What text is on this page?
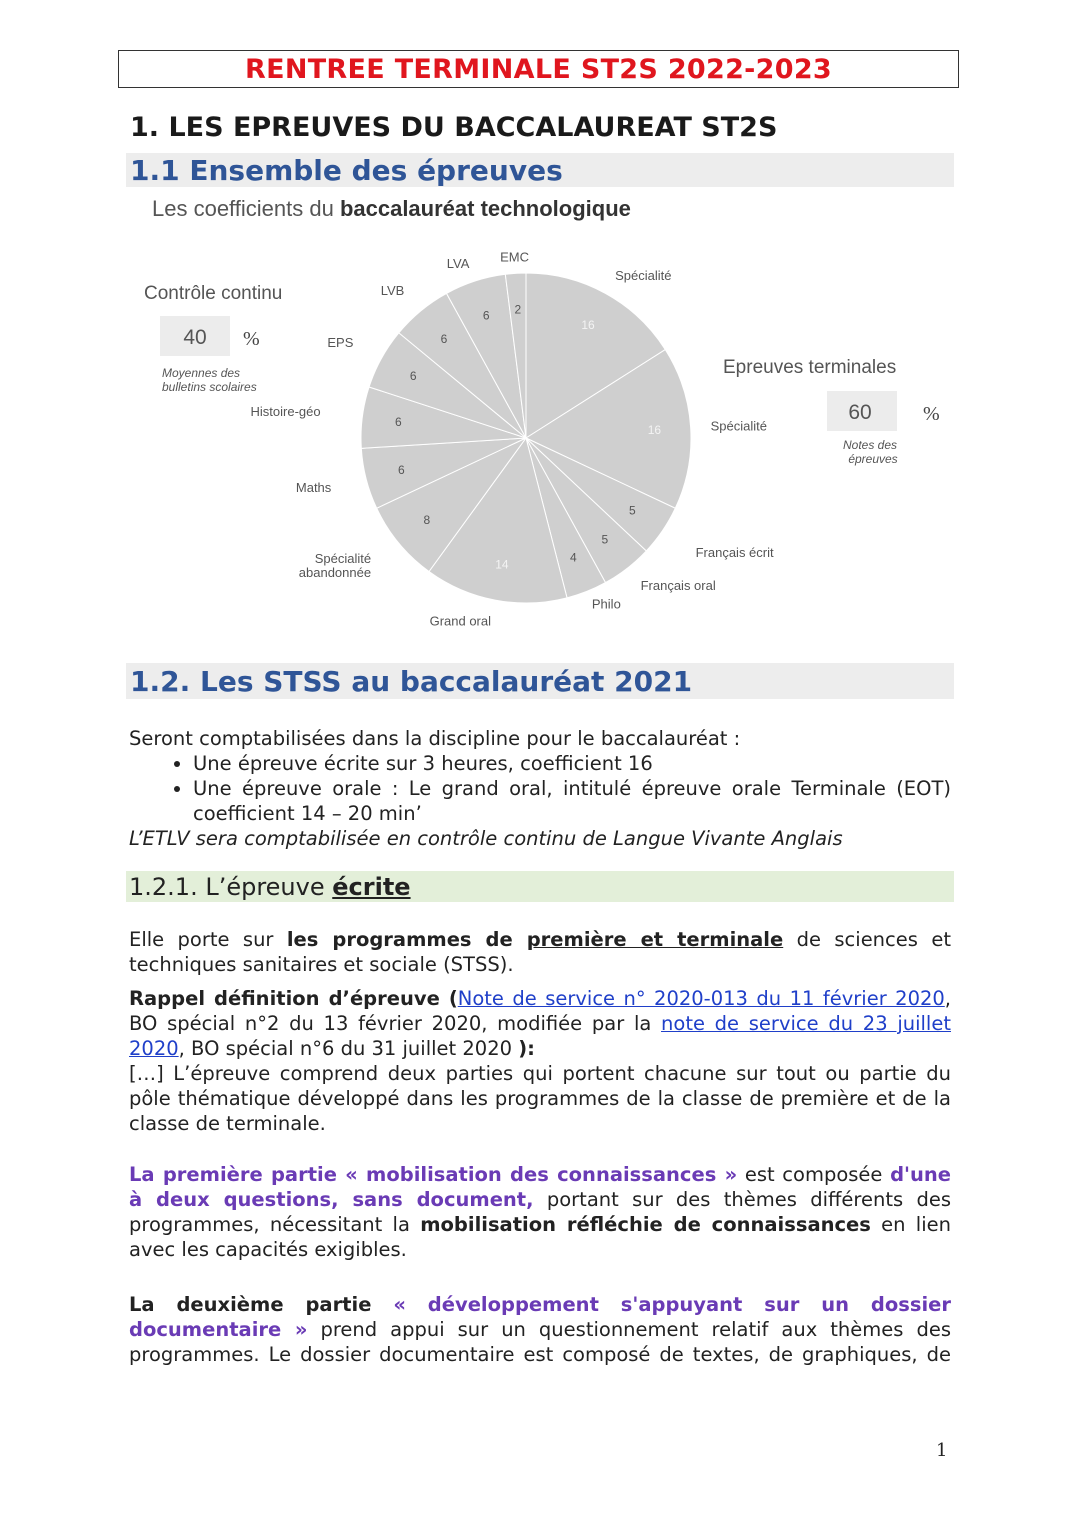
RENTREE TERMINALE ST2S 2022-2023
1. LES EPREUVES DU BACCALAUREAT ST2S
1.1 Ensemble des épreuves
Les coefficients du baccalauréat technologique
16
16
5
5
4
14
8
6
6
6
6
6 2
Spécialité
Spécialité
Français écrit
Français oral
Philo
Grand oral
Spécialité
abandonnée
Maths
Histoire-géo
EPS
LVB
LVA EMC
Contrôle continu
40 %
Moyennes des
bulletins scolaires
Epreuves terminales
60	%
Notes des
épreuves
1.2. Les STSS au baccalauréat 2021
Seront comptabilisées dans la discipline pour le baccalauréat :
• Une épreuve écrite sur 3 heures, coefficient 16
• Une épreuve orale : Le grand oral, intitulé épreuve orale Terminale (EOT) coefficient 14 – 20 min’
L’ETLV sera comptabilisée en contrôle continu de Langue Vivante Anglais
1.2.1. L’épreuve écrite
Elle porte sur les programmes de première et terminale de sciences et techniques sanitaires et sociale (STSS).
Rappel définition d’épreuve (Note de service n° 2020-013 du 11 février 2020, BO spécial n°2 du 13 février 2020, modifiée par la note de service du 23 juillet 2020, BO spécial n°6 du 31 juillet 2020 ):
[…] L’épreuve comprend deux parties qui portent chacune sur tout ou partie du pôle thématique développé dans les programmes de la classe de première et de la classe de terminale.
La première partie « mobilisation des connaissances » est composée d'une à deux questions, sans document, portant sur des thèmes différents des programmes, nécessitant la mobilisation réfléchie de connaissances en lien avec les capacités exigibles.
La deuxième partie « développement s'appuyant sur un dossier documentaire » prend appui sur un questionnement relatif aux thèmes des programmes. Le dossier documentaire est composé de textes, de graphiques, de
1
